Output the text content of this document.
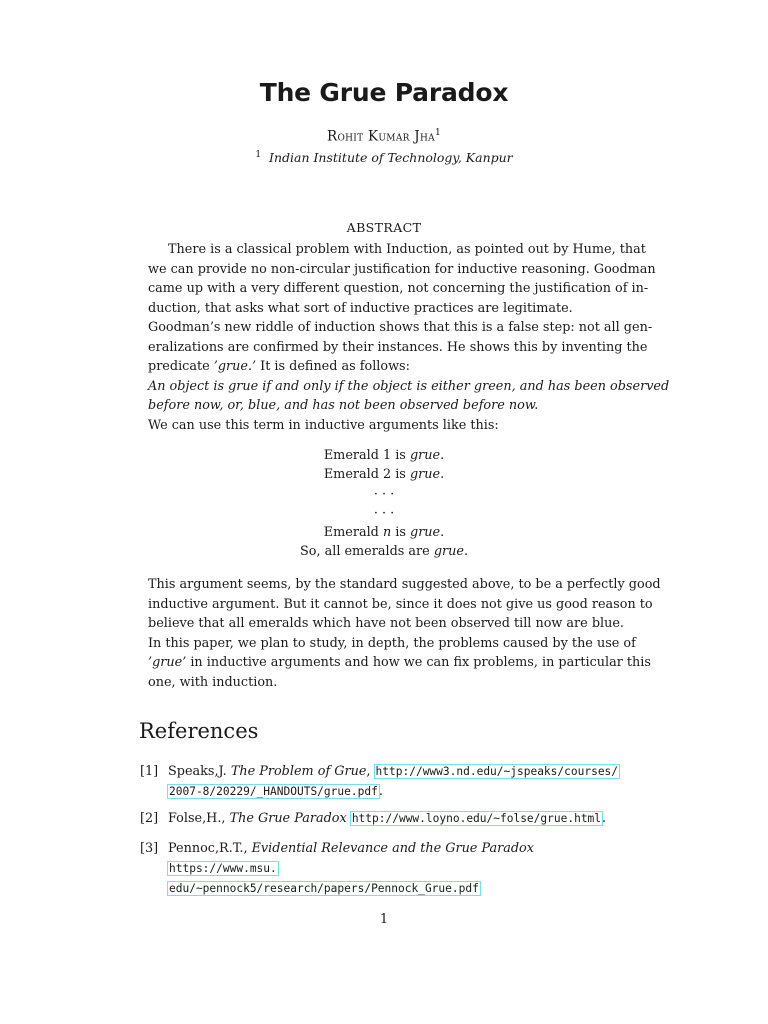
The Grue Paradox
Rohit Kumar Jha$^1$
$^1$ Indian Institute of Technology, Kanpur
ABSTRACT
There is a classical problem with Induction, as pointed out by Hume, that
we can provide no non-circular justification for inductive reasoning. Goodman
came up with a very different question, not concerning the justification of in-
duction, that asks what sort of inductive practices are legitimate.
Goodman’s new riddle of induction shows that this is a false step: not all gen-
eralizations are confirmed by their instances. He shows this by inventing the
predicate ’grue.’ It is defined as follows:
An object is grue if and only if the object is either green, and has been observed
before now, or, blue, and has not been observed before now.
We can use this term in inductive arguments like this:
Emerald 1 is grue.
Emerald 2 is grue.
· · ·
· · ·
Emerald n is grue.
So, all emeralds are grue.
This argument seems, by the standard suggested above, to be a perfectly good
inductive argument. But it cannot be, since it does not give us good reason to
believe that all emeralds which have not been observed till now are blue.
In this paper, we plan to study, in depth, the problems caused by the use of
’grue’ in inductive arguments and how we can fix problems, in particular this
one, with induction.
References
[1] Speaks,J. The Problem of Grue, http://www3.nd.edu/~jspeaks/courses/
2007-8/20229/_HANDOUTS/grue.pdf.
[2] Folse,H., The Grue Paradox http://www.loyno.edu/~folse/grue.html.
[3] Pennoc,R.T., Evidential Relevance and the Grue Paradox https://www.msu.
edu/~pennock5/research/papers/Pennock_Grue.pdf
1
